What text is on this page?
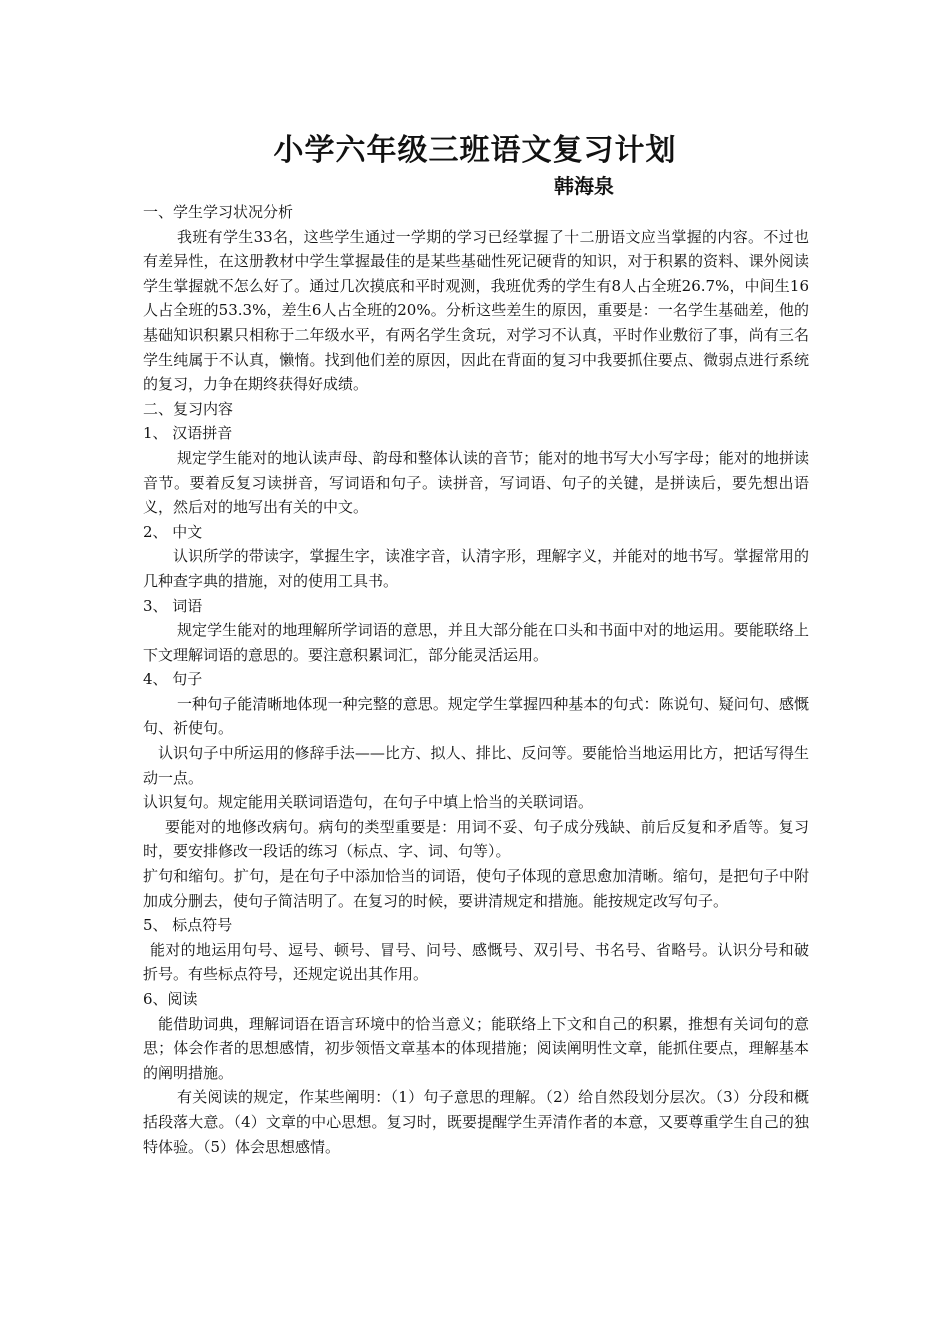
小学六年级三班语文复习计划
韩海泉

一、学生学习状况分析

我班有学生33名，这些学生通过一学期的学习已经掌握了十二册语文应当掌握的内容。不过也有差异性，在这册教材中学生掌握最佳的是某些基础性死记硬背的知识，对于积累的资料、课外阅读学生掌握就不怎么好了。通过几次摸底和平时观测，我班优秀的学生有8人占全班26.7%，中间生16人占全班的53.3%，差生6人占全班的20%。分析这些差生的原因，重要是：一名学生基础差，他的基础知识积累只相称于二年级水平，有两名学生贪玩，对学习不认真，平时作业敷衍了事，尚有三名学生纯属于不认真，懒惰。找到他们差的原因，因此在背面的复习中我要抓住要点、微弱点进行系统的复习，力争在期终获得好成绩。

二、复习内容

1、 汉语拼音

规定学生能对的地认读声母、韵母和整体认读的音节；能对的地书写大小写字母；能对的地拼读音节。要着反复习读拼音，写词语和句子。读拼音，写词语、句子的关键，是拼读后，要先想出语义，然后对的地写出有关的中文。

2、 中文

认识所学的带读字，掌握生字，读准字音，认清字形，理解字义，并能对的地书写。掌握常用的几种查字典的措施，对的使用工具书。

3、 词语

规定学生能对的地理解所学词语的意思，并且大部分能在口头和书面中对的地运用。要能联络上下文理解词语的意思的。要注意积累词汇，部分能灵活运用。

4、 句子

一种句子能清晰地体现一种完整的意思。规定学生掌握四种基本的句式：陈说句、疑问句、感慨句、祈使句。

认识句子中所运用的修辞手法——比方、拟人、排比、反问等。要能恰当地运用比方，把话写得生动一点。

认识复句。规定能用关联词语造句，在句子中填上恰当的关联词语。

要能对的地修改病句。病句的类型重要是：用词不妥、句子成分残缺、前后反复和矛盾等。复习时，要安排修改一段话的练习（标点、字、词、句等）。

扩句和缩句。扩句，是在句子中添加恰当的词语，使句子体现的意思愈加清晰。缩句，是把句子中附加成分删去，使句子简洁明了。在复习的时候，要讲清规定和措施。能按规定改写句子。

5、 标点符号

能对的地运用句号、逗号、顿号、冒号、问号、感慨号、双引号、书名号、省略号。认识分号和破折号。有些标点符号，还规定说出其作用。

6、阅读

能借助词典，理解词语在语言环境中的恰当意义；能联络上下文和自己的积累，推想有关词句的意思；体会作者的思想感情，初步领悟文章基本的体现措施；阅读阐明性文章，能抓住要点，理解基本的阐明措施。

有关阅读的规定，作某些阐明：（1）句子意思的理解。（2）给自然段划分层次。（3）分段和概括段落大意。（4）文章的中心思想。复习时，既要提醒学生弄清作者的本意，又要尊重学生自己的独特体验。（5）体会思想感情。
